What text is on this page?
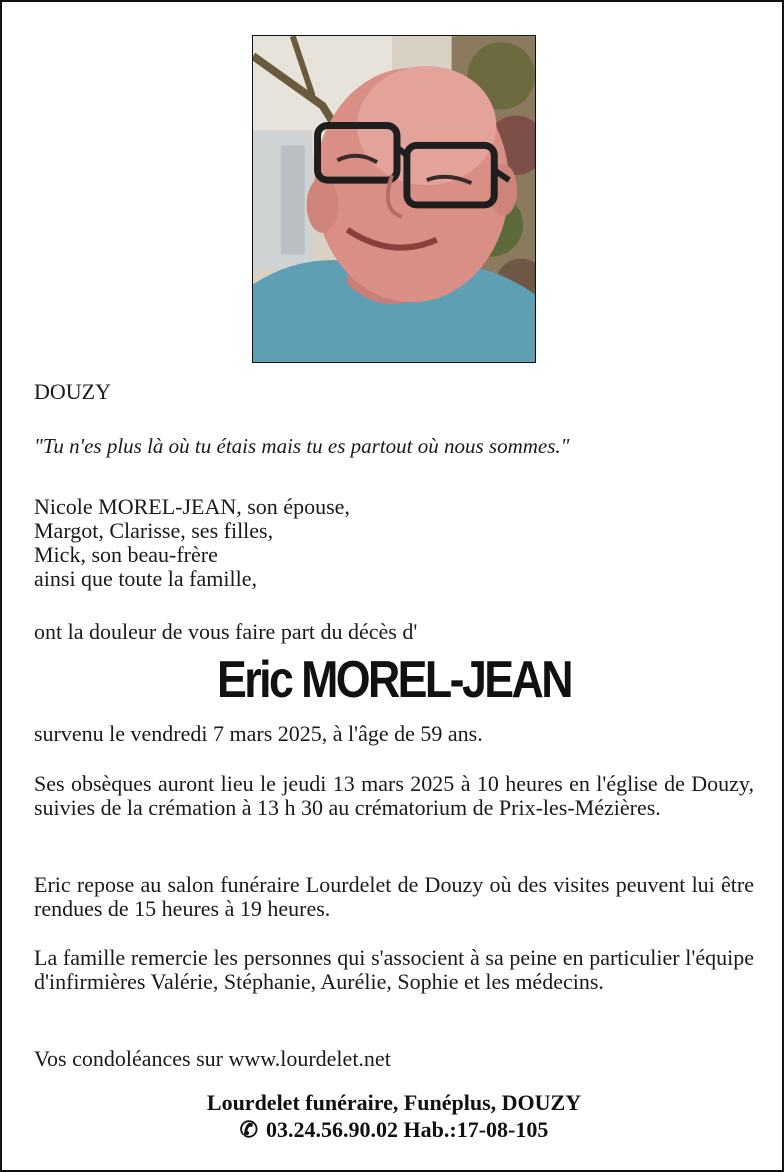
DOUZY

"Tu n'es plus là où tu étais mais tu es partout où nous sommes."

Nicole MOREL-JEAN, son épouse,
Margot, Clarisse, ses filles,
Mick, son beau-frère
ainsi que toute la famille,

ont la douleur de vous faire part du décès d'

Eric MOREL-JEAN

survenu le vendredi 7 mars 2025, à l'âge de 59 ans.

Ses obsèques auront lieu le jeudi 13 mars 2025 à 10 heures en l'église de Douzy, suivies de la crémation à 13 h 30 au crématorium de Prix-les-Mézières.

Eric repose au salon funéraire Lourdelet de Douzy où des visites peuvent lui être rendues de 15 heures à 19 heures.

La famille remercie les personnes qui s'associent à sa peine en particulier l'équipe d'infirmières Valérie, Stéphanie, Aurélie, Sophie et les médecins.

Vos condoléances sur www.lourdelet.net

Lourdelet funéraire, Funéplus, DOUZY
✆ 03.24.56.90.02 Hab.:17-08-105
